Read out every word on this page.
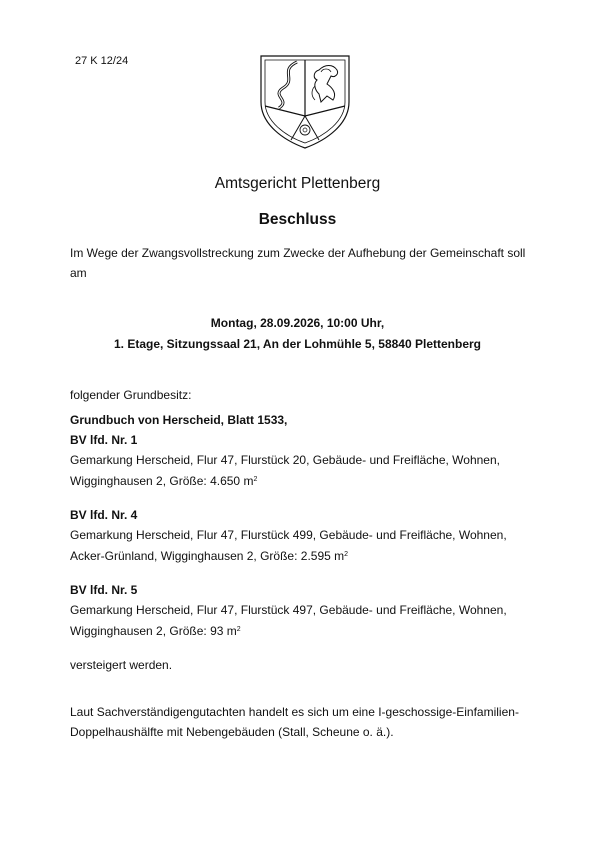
27 K 12/24
Amtsgericht Plettenberg
Beschluss
Im Wege der Zwangsvollstreckung zum Zwecke der Aufhebung der Gemeinschaft soll am
Montag, 28.09.2026, 10:00 Uhr,
1. Etage, Sitzungssaal 21, An der Lohmühle 5, 58840 Plettenberg
folgender Grundbesitz:
Grundbuch von Herscheid, Blatt 1533,
BV lfd. Nr. 1
Gemarkung Herscheid, Flur 47, Flurstück 20, Gebäude- und Freifläche, Wohnen,
Wigginghausen 2, Größe: 4.650 $m^2$
BV lfd. Nr. 4
Gemarkung Herscheid, Flur 47, Flurstück 499, Gebäude- und Freifläche, Wohnen,
Acker-Grünland, Wigginghausen 2, Größe: 2.595 $m^2$
BV lfd. Nr. 5
Gemarkung Herscheid, Flur 47, Flurstück 497, Gebäude- und Freifläche, Wohnen,
Wigginghausen 2, Größe: 93 $m^2$
versteigert werden.
Laut Sachverständigengutachten handelt es sich um eine I-geschossige-Einfamilien-Doppelhaushälfte mit Nebengebäuden (Stall, Scheune o. ä.).
